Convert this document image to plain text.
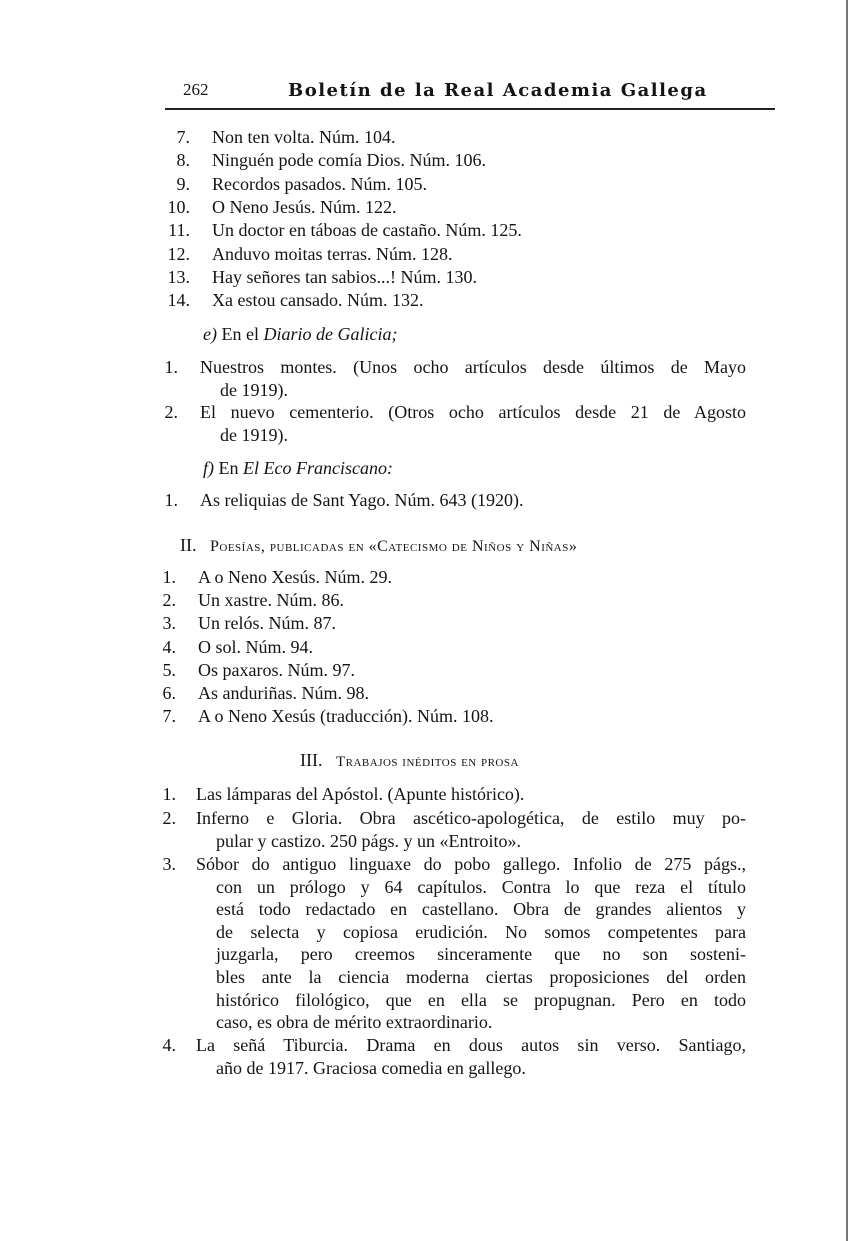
262	Boletín de la Real Academia Gallega
7. Non ten volta. Núm. 104.
8. Ninguén pode comía Dios. Núm. 106.
9. Recordos pasados. Núm. 105.
10. O Neno Jesús. Núm. 122.
11. Un doctor en táboas de castaño. Núm. 125.
12. Anduvo moitas terras. Núm. 128.
13. Hay señores tan sabios...! Núm. 130.
14. Xa estou cansado. Núm. 132.
e) En el Diario de Galicia;
1. Nuestros montes. (Unos ocho artículos desde últimos de Mayo
de 1919).
2. El nuevo cementerio. (Otros ocho artículos desde 21 de Agosto
de 1919).
f) En El Eco Franciscano:
1. As reliquias de Sant Yago. Núm. 643 (1920).
II. Poesías, publicadas en «Catecismo de Niños y Niñas»
1. A o Neno Xesús. Núm. 29.
2. Un xastre. Núm. 86.
3. Un relós. Núm. 87.
4. O sol. Núm. 94.
5. Os paxaros. Núm. 97.
6. As anduriñas. Núm. 98.
7. A o Neno Xesús (traducción). Núm. 108.
III. Trabajos inéditos en prosa
1. Las lámparas del Apóstol. (Apunte histórico).
2. Inferno e Gloria. Obra ascético-apologética, de estilo muy po-
pular y castizo. 250 págs. y un «Entroito».
3. Sóbor do antiguo linguaxe do pobo gallego. Infolio de 275 págs.,
con un prólogo y 64 capítulos. Contra lo que reza el título
está todo redactado en castellano. Obra de grandes alientos y
de selecta y copiosa erudición. No somos competentes para
juzgarla, pero creemos sinceramente que no son sosteni-
bles ante la ciencia moderna ciertas proposiciones del orden
histórico filológico, que en ella se propugnan. Pero en todo
caso, es obra de mérito extraordinario.
4. La señá Tiburcia. Drama en dous autos sin verso. Santiago,
año de 1917. Graciosa comedia en gallego.
